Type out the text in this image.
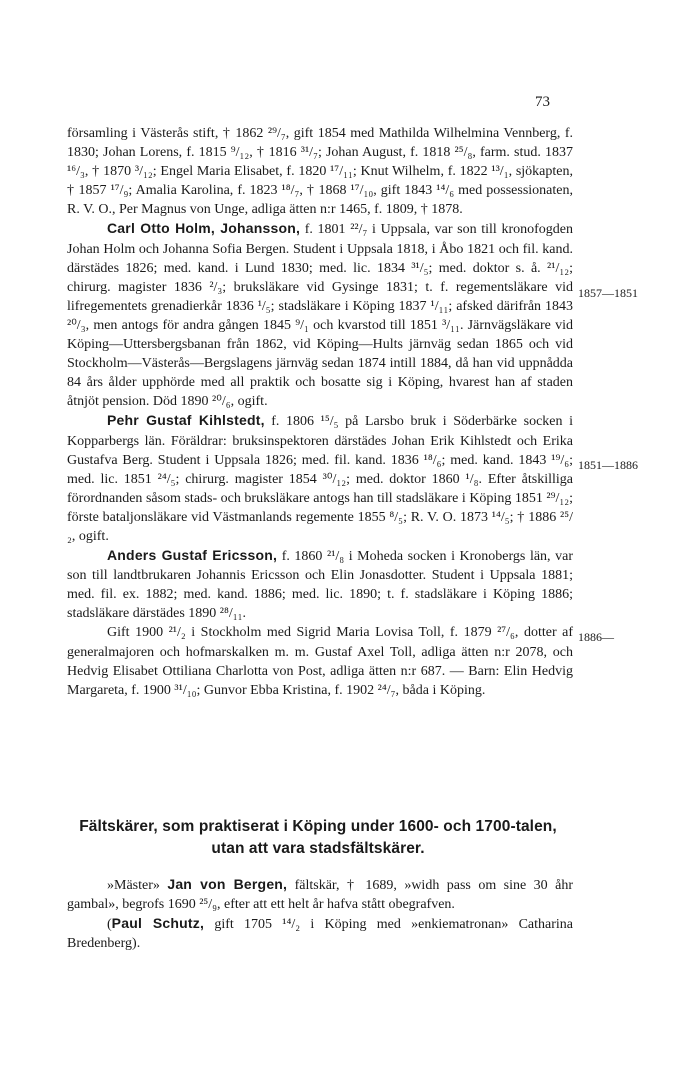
73

församling i Västerås stift, † 1862 ²⁹/₇, gift 1854 med Mathilda Wilhelmina Vennberg, f. 1830; Johan Lorens, f. 1815 ⁹/₁₂, † 1816 ³¹/₇; Johan August, f. 1818 ²⁵/₈, farm. stud. 1837 ¹⁶/₃, † 1870 ³/₁₂; Engel Maria Elisabet, f. 1820 ¹⁷/₁₁; Knut Wilhelm, f. 1822 ¹³/₁, sjökapten, † 1857 ¹⁷/₉; Amalia Karolina, f. 1823 ¹⁸/₇, † 1868 ¹⁷/₁₀, gift 1843 ¹⁴/₆ med possessionaten, R. V. O., Per Magnus von Unge, adliga ätten n:r 1465, f. 1809, † 1878.

Carl Otto Holm, Johansson, f. 1801 ²²/₇ i Uppsala, var son till kronofogden Johan Holm och Johanna Sofia Bergen. Student i Uppsala 1818, i Åbo 1821 och fil. kand. därstädes 1826; med. kand. i Lund 1830; med. lic. 1834 ³¹/₅; med. doktor s. å. ²¹/₁₂; chirurg. magister 1836 ²/₃; bruksläkare vid Gysinge 1831; t. f. regementsläkare vid lifregementets grenadierkår 1836 ¹/₅; stadsläkare i Köping 1837 ¹/₁₁; afsked därifrån 1843 ²⁰/₃, men antogs för andra gången 1845 ⁹/₁ och kvarstod till 1851 ³/₁₁. Järnvägsläkare vid Köping—Uttersbergsbanan från 1862, vid Köping—Hults järnväg sedan 1865 och vid Stockholm—Västerås—Bergslagens järnväg sedan 1874 intill 1884, då han vid uppnådda 84 års ålder upphörde med all praktik och bosatte sig i Köping, hvarest han af staden åtnjöt pension. Död 1890 ²⁰/₆, ogift.

Pehr Gustaf Kihlstedt, f. 1806 ¹⁵/₅ på Larsbo bruk i Söderbärke socken i Kopparbergs län. Föräldrar: bruksinspektoren därstädes Johan Erik Kihlstedt och Erika Gustafva Berg. Student i Uppsala 1826; med. fil. kand. 1836 ¹⁸/₆; med. kand. 1843 ¹⁹/₆; med. lic. 1851 ²⁴/₅; chirurg. magister 1854 ³⁰/₁₂; med. doktor 1860 ¹/₈. Efter åtskilliga förordnanden såsom stads- och bruksläkare antogs han till stadsläkare i Köping 1851 ²⁹/₁₂; förste bataljonsläkare vid Västmanlands regemente 1855 ⁸/₅; R. V. O. 1873 ¹⁴/₅; † 1886 ²⁵/₂, ogift.

Anders Gustaf Ericsson, f. 1860 ²¹/₈ i Moheda socken i Kronobergs län, var son till landtbrukaren Johannis Ericsson och Elin Jonasdotter. Student i Uppsala 1881; med. fil. ex. 1882; med. kand. 1886; med. lic. 1890; t. f. stadsläkare i Köping 1886; stadsläkare därstädes 1890 ²⁸/₁₁.

Gift 1900 ²¹/₂ i Stockholm med Sigrid Maria Lovisa Toll, f. 1879 ²⁷/₆, dotter af generalmajoren och hofmarskalken m. m. Gustaf Axel Toll, adliga ätten n:r 2078, och Hedvig Elisabet Ottiliana Charlotta von Post, adliga ätten n:r 687. — Barn: Elin Hedvig Margareta, f. 1900 ³¹/₁₀; Gunvor Ebba Kristina, f. 1902 ²⁴/₇, båda i Köping.

1857—1851
1851—1886
1886—
Fältskärer, som praktiserat i Köping under 1600- och 1700-talen, utan att vara stadsfältskärer.

»Mäster» Jan von Bergen, fältskär, † 1689, »widh pass om sine 30 åhr gambal», begrofs 1690 ²⁵/₉, efter att ett helt år hafva stått obegrafven.

(Paul Schutz, gift 1705 ¹⁴/₂ i Köping med »enkiematronan» Catharina Bredenberg).
